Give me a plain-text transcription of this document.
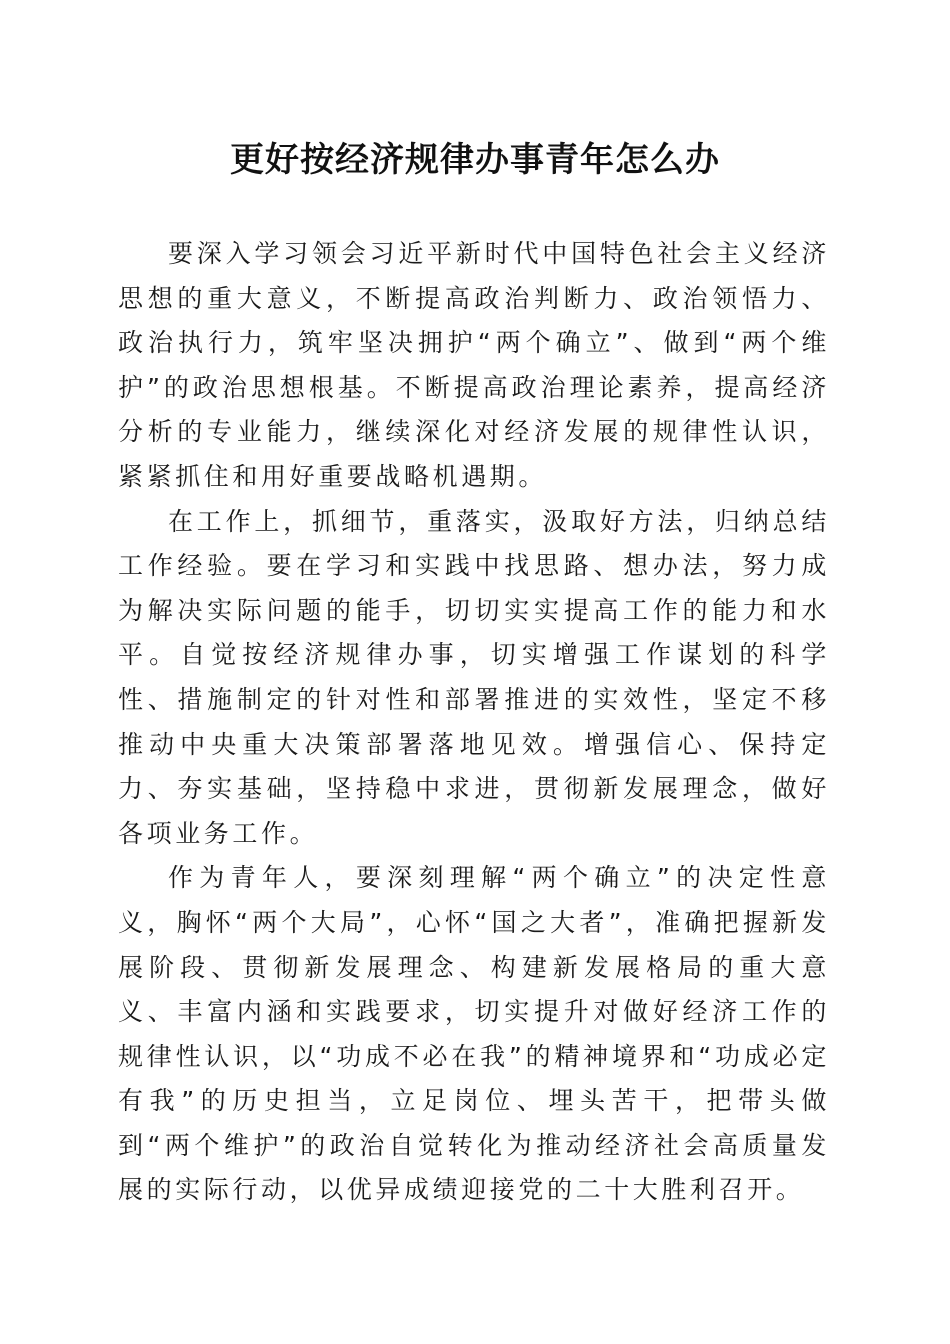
更好按经济规律办事青年怎么办

要深入学习领会习近平新时代中国特色社会主义经济思想的重大意义，不断提高政治判断力、政治领悟力、政治执行力，筑牢坚决拥护“两个确立”、做到“两个维护”的政治思想根基。不断提高政治理论素养，提高经济分析的专业能力，继续深化对经济发展的规律性认识，紧紧抓住和用好重要战略机遇期。

在工作上，抓细节，重落实，汲取好方法，归纳总结工作经验。要在学习和实践中找思路、想办法，努力成为解决实际问题的能手，切切实实提高工作的能力和水平。自觉按经济规律办事，切实增强工作谋划的科学性、措施制定的针对性和部署推进的实效性，坚定不移推动中央重大决策部署落地见效。增强信心、保持定力、夯实基础，坚持稳中求进，贯彻新发展理念，做好各项业务工作。

作为青年人，要深刻理解“两个确立”的决定性意义，胸怀“两个大局”，心怀“国之大者”，准确把握新发展阶段、贯彻新发展理念、构建新发展格局的重大意义、丰富内涵和实践要求，切实提升对做好经济工作的规律性认识，以“功成不必在我”的精神境界和“功成必定有我”的历史担当，立足岗位、埋头苦干，把带头做到“两个维护”的政治自觉转化为推动经济社会高质量发展的实际行动，以优异成绩迎接党的二十大胜利召开。
